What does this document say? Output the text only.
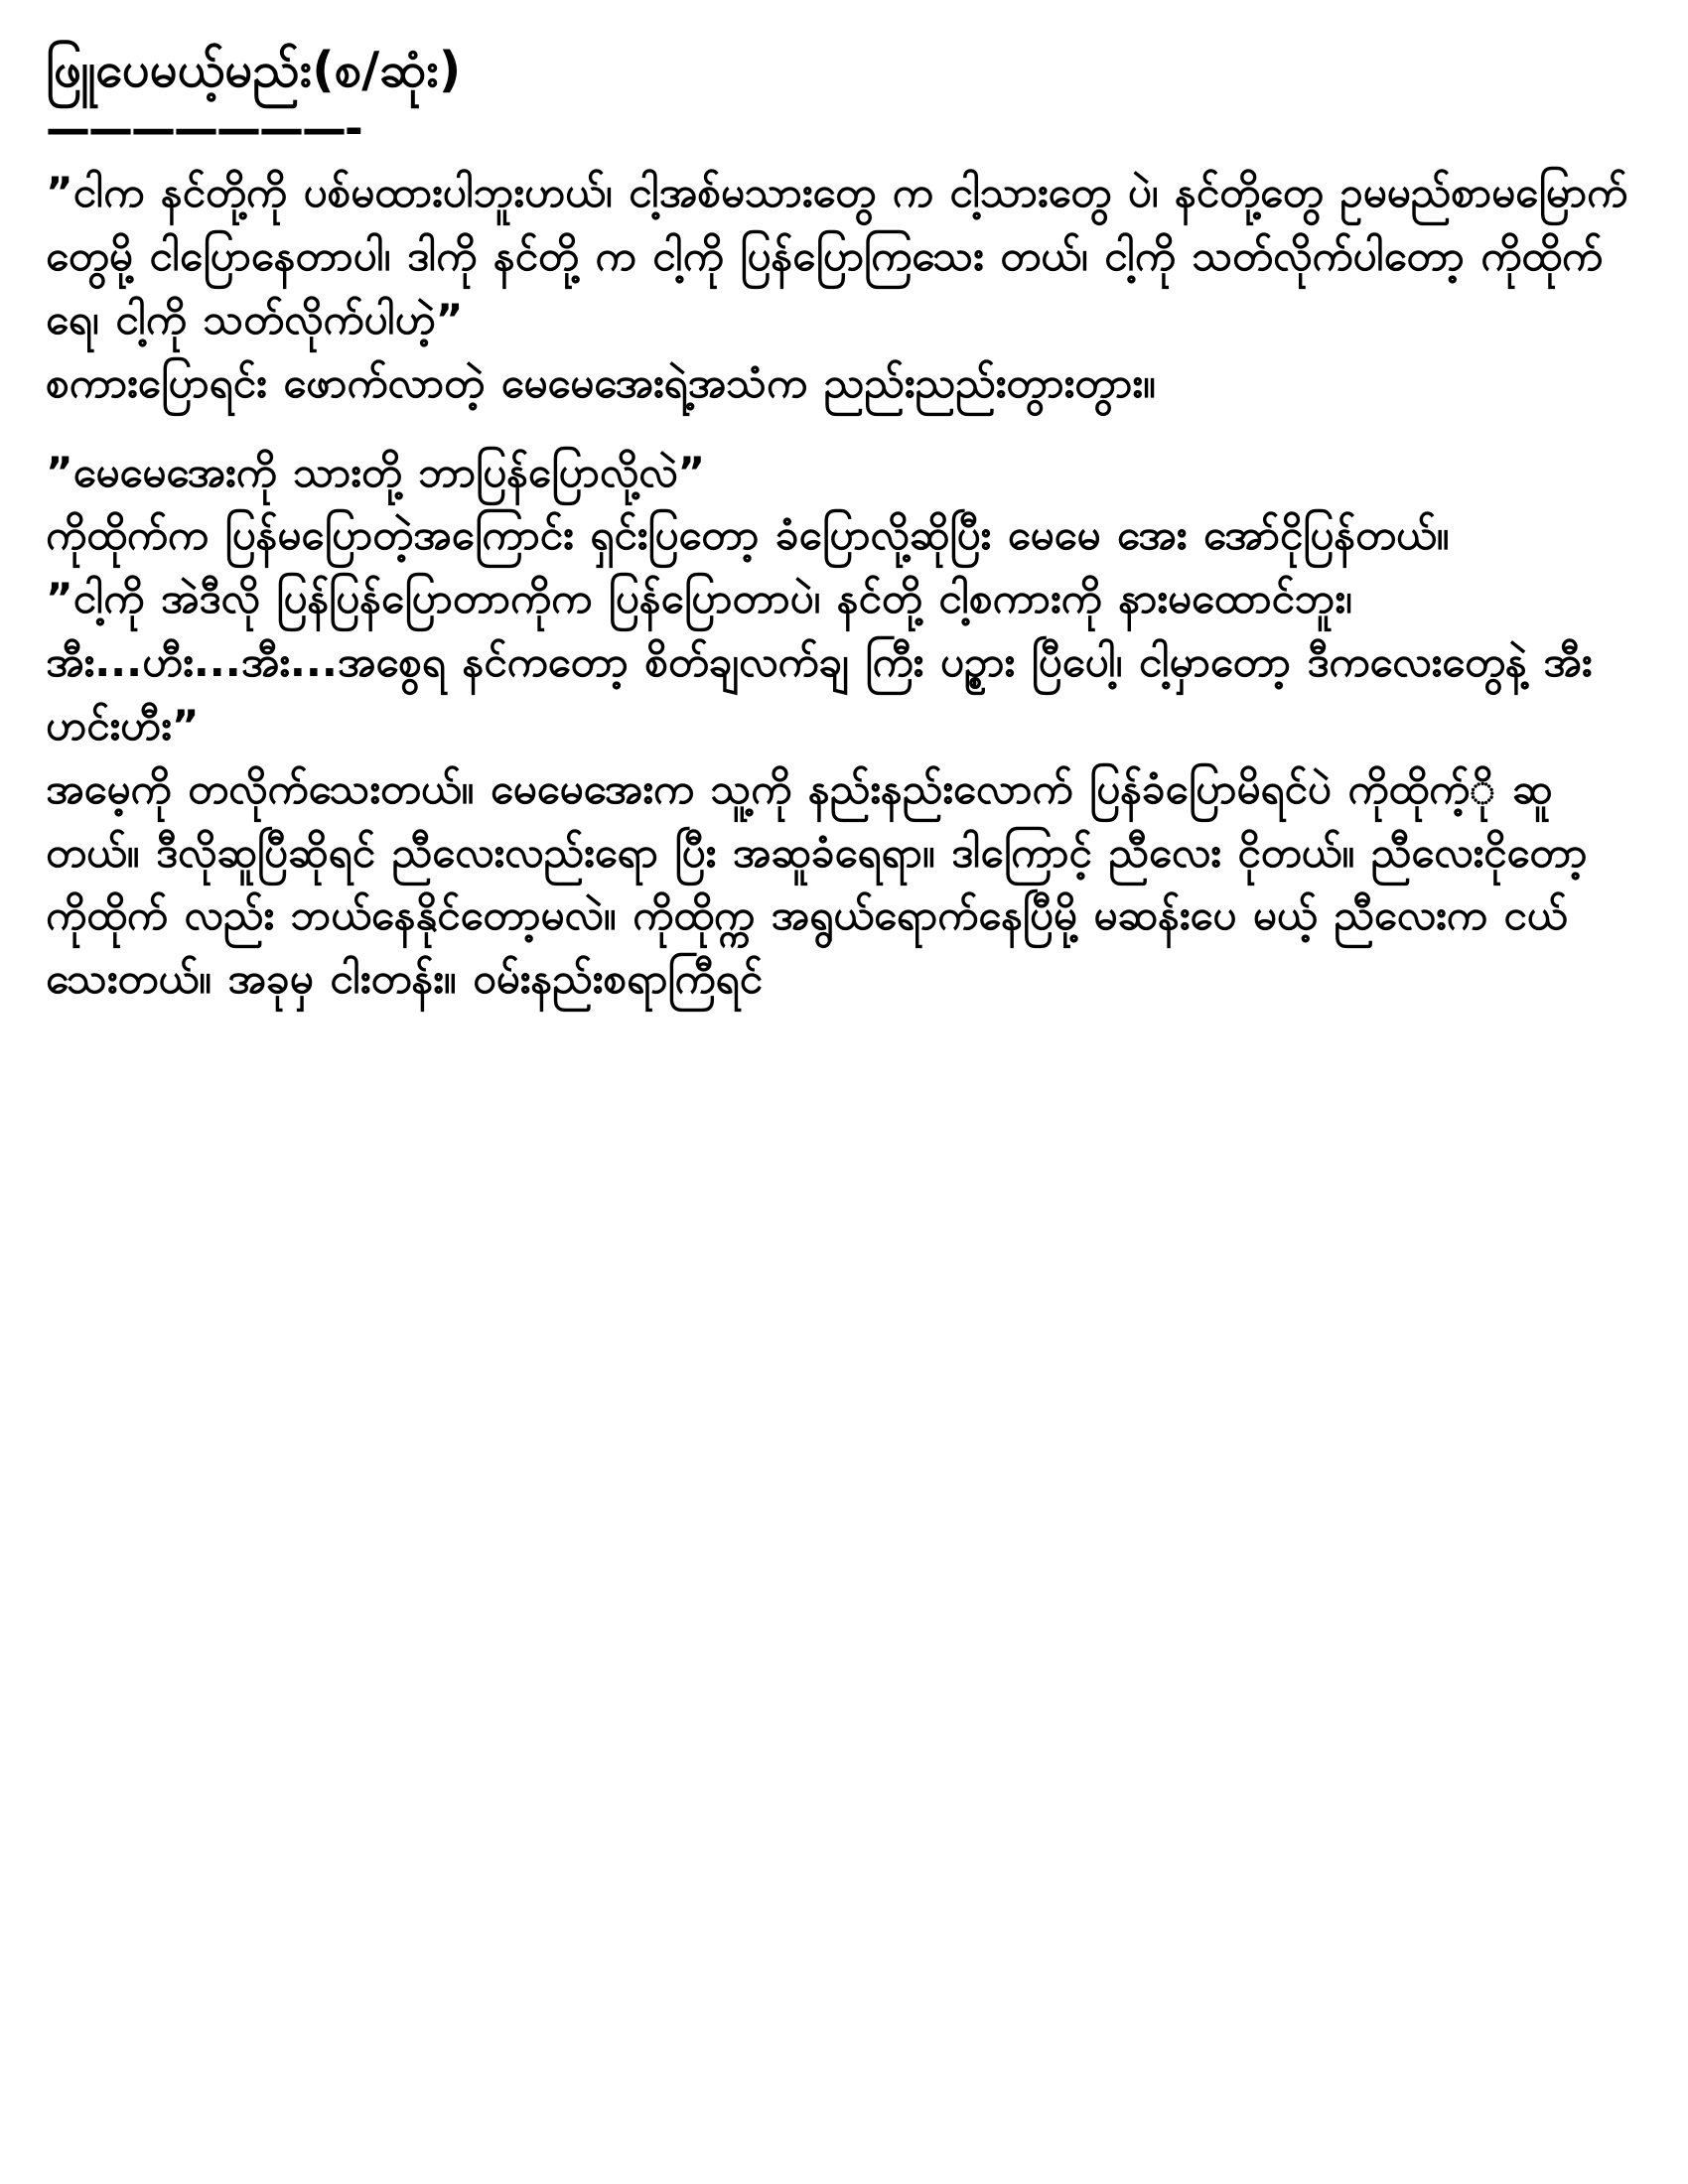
ဖြူပေမယ့်မည်း(စ/ဆုံး)
———————-

”ငါက နင်တို့ကို ပစ်မထားပါဘူးဟယ်၊ ငါ့အစ်မသားတွေ က ငါ့သားတွေ ပဲ၊ နင်တို့တွေ ဥမမည်စာမမြောက်တွေမို့ ငါပြောနေတာပါ၊ ဒါကို နင်တို့ က ငါ့ကို ပြန်ပြောကြသေး တယ်၊ ငါ့ကို သတ်လိုက်ပါတော့ ကိုထိုက် ရေ၊ ငါ့ကို သတ်လိုက်ပါဟဲ့”

စကားပြောရင်း ဖောက်လာတဲ့ မေမေအေးရဲ့အသံက ညည်းညည်းတွားတွား။

”မေမေအေးကို သားတို့ ဘာပြန်ပြောလို့လဲ”

ကိုထိုက်က ပြန်မပြောတဲ့အကြောင်း ရှင်းပြတော့ ခံပြောလို့ဆိုပြီး မေမေ အေး အော်ငိုပြန်တယ်။

”ငါ့ကို အဲဒီလို ပြန်ပြန်ပြောတာကိုက ပြန်ပြောတာပဲ၊ နင်တို့ ငါ့စကားကို နားမထောင်ဘူး၊ အီး...ဟီး...အီး...အစွေရ နင်ကတော့ စိတ်ချလက်ချ ကြီး ပဉ္စား ပြီပေါ့၊ ငါ့မှာတော့ ဒီကလေးတွေနဲ့ အီးဟင်းဟီး”

အမေ့ကို တလိုက်သေးတယ်။ မေမေအေးက သူ့ကို နည်းနည်းလောက် ပြန်ခံပြောမိရင်ပဲ ကိုထိုက့်ို ဆူတယ်။ ဒီလိုဆူပြီဆိုရင် ညီလေးလည်းရော ပြီး အဆူခံရေရာ။ ဒါကြောင့် ညီလေး ငိုတယ်။ ညီလေးငိုတော့ ကိုထိုက် လည်း ဘယ်နေနိုင်တော့မလဲ။ ကိုထိုက္က အရွယ်ရောက်နေပြီမို့ မဆန်းပေ မယ့် ညီလေးက ငယ်သေးတယ်။ အခုမှ ငါးတန်း။ ဝမ်းနည်းစရာကြီရင်
